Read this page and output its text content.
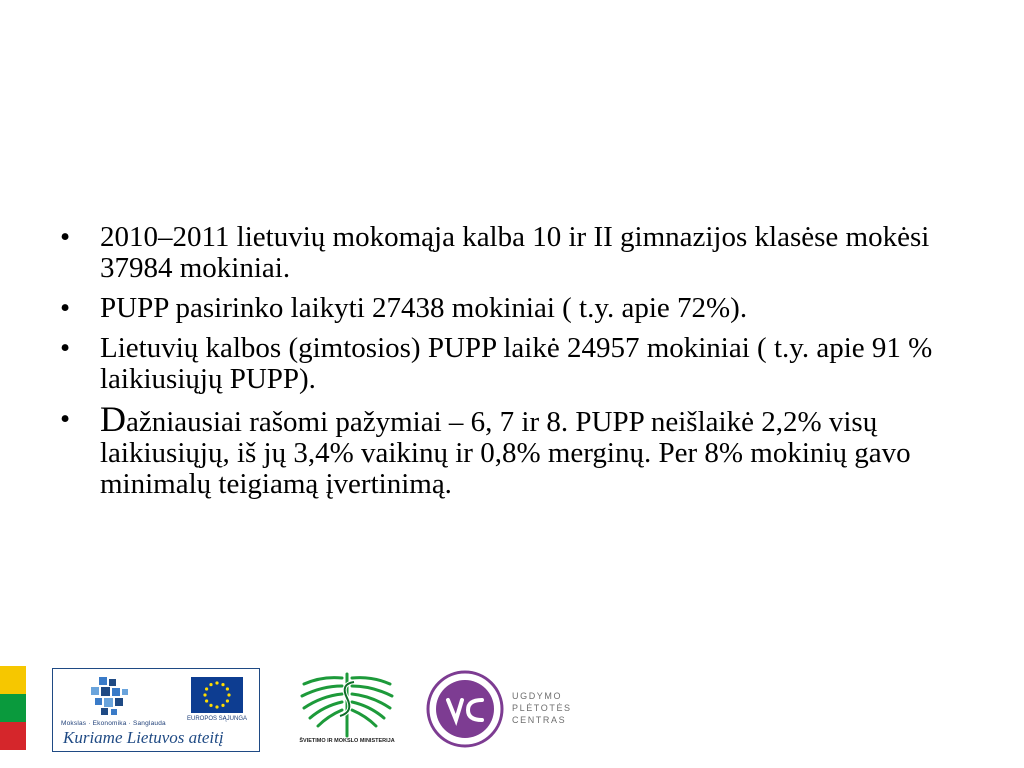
• 2010–2011 lietuvių mokomąja kalba 10 ir II gimnazijos klasėse mokėsi 37984 mokiniai.
• PUPP pasirinko laikyti 27438 mokiniai ( t.y. apie 72%).
• Lietuvių kalbos (gimtosios) PUPP laikė 24957 mokiniai ( t.y. apie 91 % laikiusiųjų PUPP).
• Dažniausiai rašomi pažymiai – 6, 7 ir 8. PUPP neišlaikė 2,2% visų laikiusiųjų, iš jų 3,4% vaikinų ir 0,8% merginų. Per 8% mokinių gavo minimalų teigiamą įvertinimą.
EUROPOS SĄJUNGA
Mokslas · Ekonomika · Sanglauda
Kuriame Lietuvos ateitį	ŠVIETIMO IR MOKSLO MINISTERIJA
UGDYMO
PLĖTOTĖS
CENTRAS
